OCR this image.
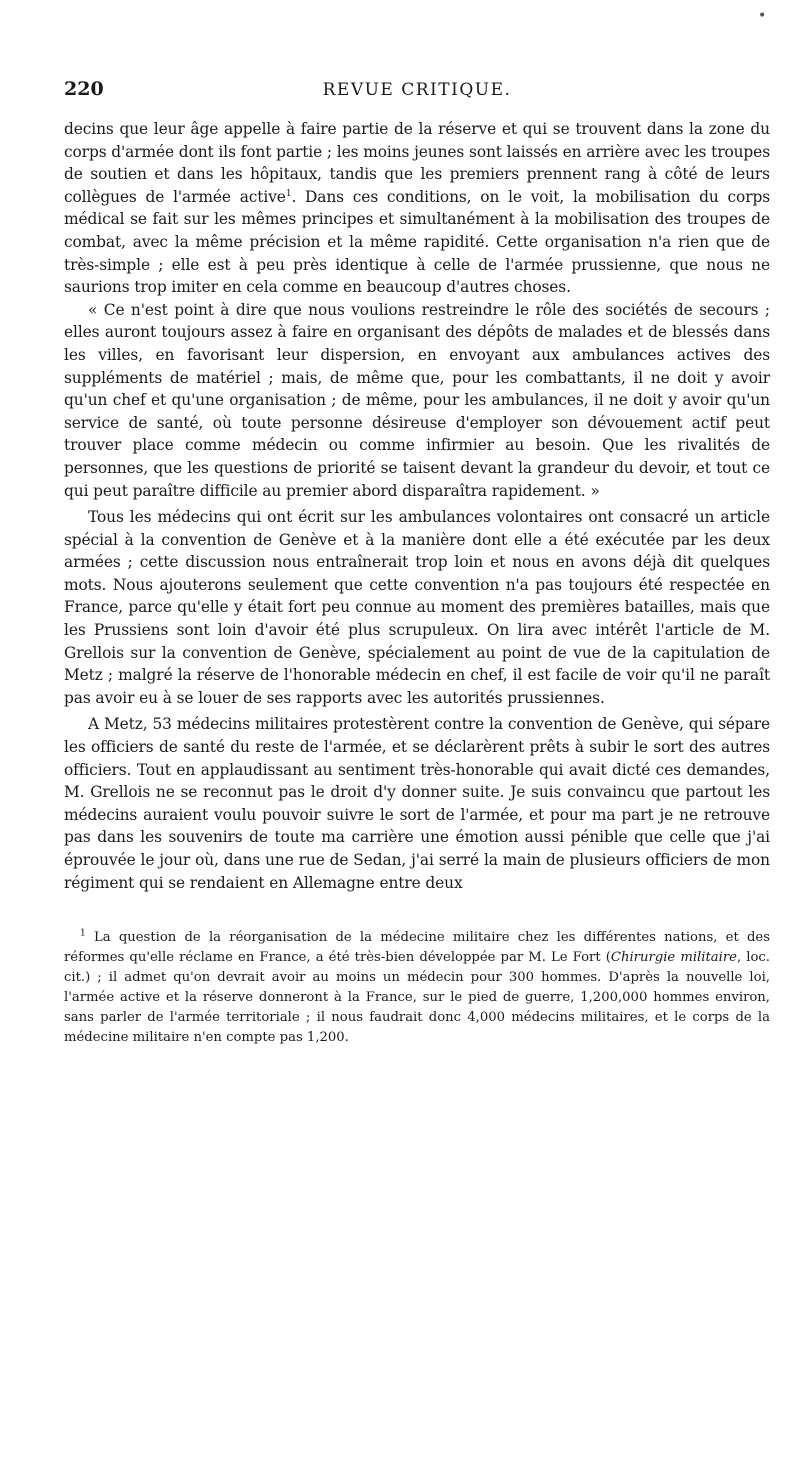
•
220	REVUE CRITIQUE.

decins que leur âge appelle à faire partie de la réserve et qui se trouvent dans la zone du corps d'armée dont ils font partie ; les moins jeunes sont laissés en arrière avec les troupes de soutien et dans les hôpitaux, tandis que les premiers prennent rang à côté de leurs collègues de l'armée active$^1$. Dans ces conditions, on le voit, la mobilisation du corps médical se fait sur les mêmes principes et simultanément à la mobilisation des troupes de combat, avec la même précision et la même rapidité. Cette organisation n'a rien que de très-simple ; elle est à peu près identique à celle de l'armée prussienne, que nous ne saurions trop imiter en cela comme en beaucoup d'autres choses.

« Ce n'est point à dire que nous voulions restreindre le rôle des sociétés de secours ; elles auront toujours assez à faire en organisant des dépôts de malades et de blessés dans les villes, en favorisant leur dispersion, en envoyant aux ambulances actives des suppléments de matériel ; mais, de même que, pour les combattants, il ne doit y avoir qu'un chef et qu'une organisation ; de même, pour les ambulances, il ne doit y avoir qu'un service de santé, où toute personne désireuse d'employer son dévouement actif peut trouver place comme médecin ou comme infirmier au besoin. Que les rivalités de personnes, que les questions de priorité se taisent devant la grandeur du devoir, et tout ce qui peut paraître difficile au premier abord disparaîtra rapidement. »

Tous les médecins qui ont écrit sur les ambulances volontaires ont consacré un article spécial à la convention de Genève et à la manière dont elle a été exécutée par les deux armées ; cette discussion nous entraînerait trop loin et nous en avons déjà dit quelques mots. Nous ajouterons seulement que cette convention n'a pas toujours été respectée en France, parce qu'elle y était fort peu connue au moment des premières batailles, mais que les Prussiens sont loin d'avoir été plus scrupuleux. On lira avec intérêt l'article de M. Grellois sur la convention de Genève, spécialement au point de vue de la capitulation de Metz ; malgré la réserve de l'honorable médecin en chef, il est facile de voir qu'il ne paraît pas avoir eu à se louer de ses rapports avec les autorités prussiennes.

A Metz, 53 médecins militaires protestèrent contre la convention de Genève, qui sépare les officiers de santé du reste de l'armée, et se déclarèrent prêts à subir le sort des autres officiers. Tout en applaudissant au sentiment très-honorable qui avait dicté ces demandes, M. Grellois ne se reconnut pas le droit d'y donner suite. Je suis convaincu que partout les médecins auraient voulu pouvoir suivre le sort de l'armée, et pour ma part je ne retrouve pas dans les souvenirs de toute ma carrière une émotion aussi pénible que celle que j'ai éprouvée le jour où, dans une rue de Sedan, j'ai serré la main de plusieurs officiers de mon régiment qui se rendaient en Allemagne entre deux

$^1$ La question de la réorganisation de la médecine militaire chez les différentes nations, et des réformes qu'elle réclame en France, a été très-bien développée par M. Le Fort (Chirurgie militaire, loc. cit.) ; il admet qu'on devrait avoir au moins un médecin pour 300 hommes. D'après la nouvelle loi, l'armée active et la réserve donneront à la France, sur le pied de guerre, 1,200,000 hommes environ, sans parler de l'armée territoriale ; il nous faudrait donc 4,000 médecins militaires, et le corps de la médecine militaire n'en compte pas 1,200.
